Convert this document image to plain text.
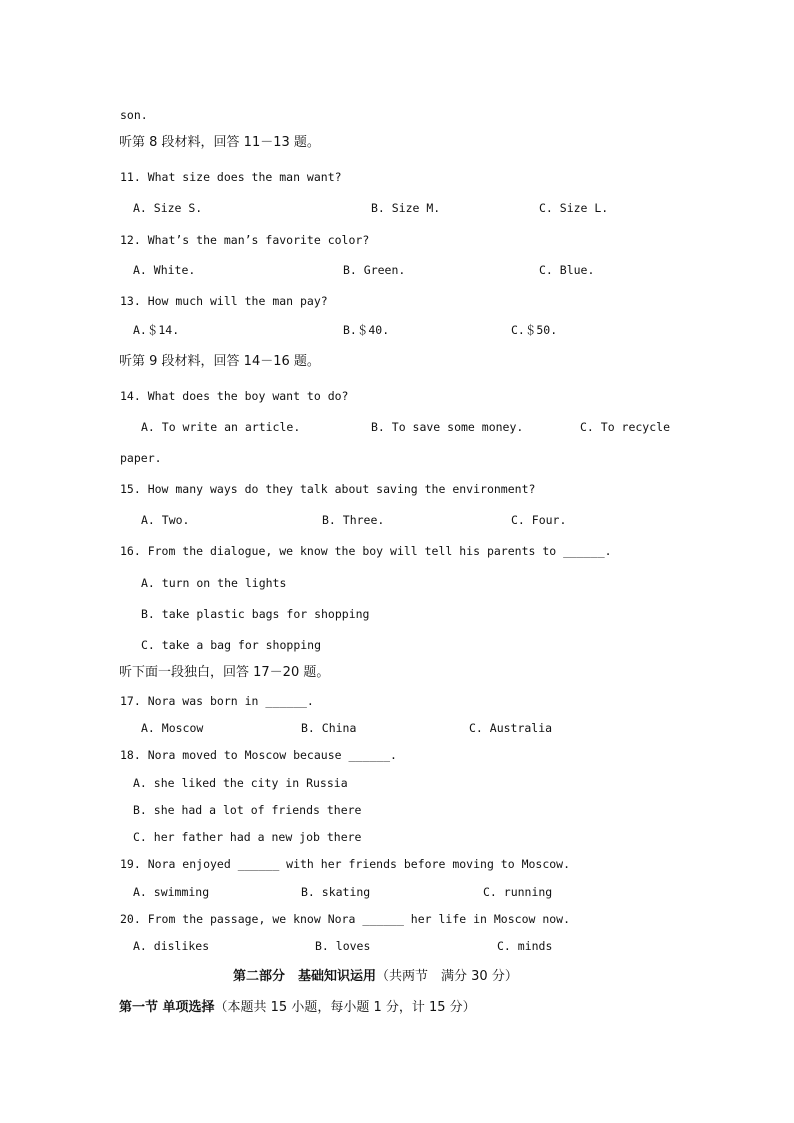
son.
听第 8 段材料，回答 11－13 题。
11. What size does the man want?
A. Size S.	B. Size M.	C. Size L.
12. What’s the man’s favorite color?
A. White.	B. Green.	C. Blue.
13. How much will the man pay?
A.＄14.	B.＄40.	C.＄50.
听第 9 段材料，回答 14－16 题。
14. What does the boy want to do?
A. To write an article.	B. To save some money.	C. To recycle
paper.
15. How many ways do they talk about saving the environment?
A. Two.	B. Three.	C. Four.
16. From the dialogue, we know the boy will tell his parents to ______.
A. turn on the lights
B. take plastic bags for shopping
C. take a bag for shopping
听下面一段独白，回答 17－20 题。
17. Nora was born in ______.
A. Moscow	B. China	C. Australia
18. Nora moved to Moscow because ______.
A. she liked the city in Russia
B. she had a lot of friends there
C. her father had a new job there
19. Nora enjoyed ______ with her friends before moving to Moscow.
A. swimming	B. skating	C. running
20. From the passage, we know Nora ______ her life in Moscow now.
A. dislikes	B. loves	C. minds
第二部分　基础知识运用（共两节　满分 30 分）
第一节 单项选择（本题共 15 小题，每小题 1 分，计 15 分）
